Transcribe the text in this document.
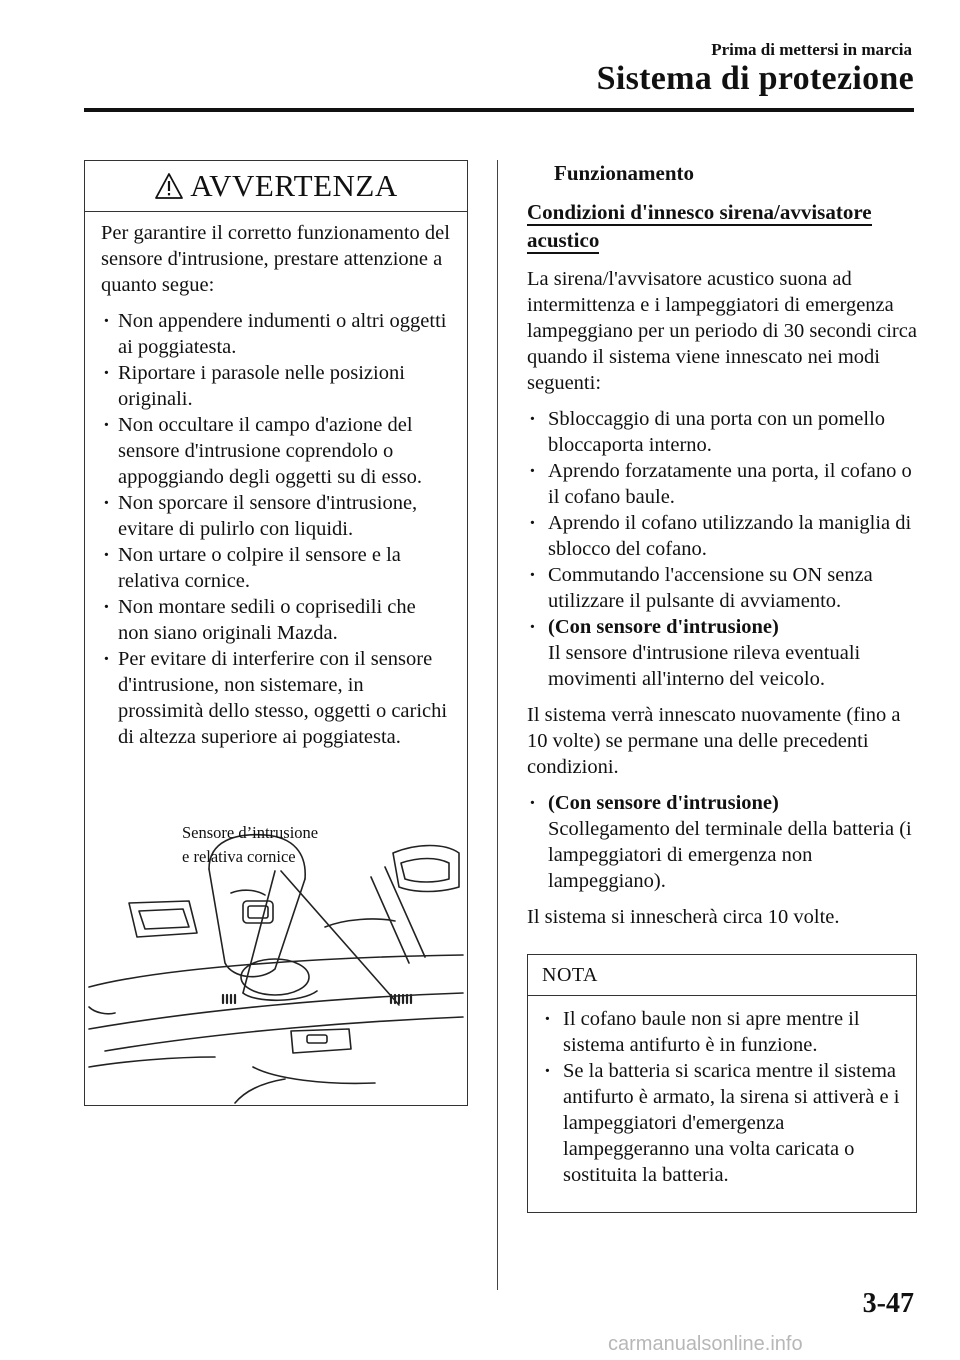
Prima di mettersi in marcia
Sistema di protezione
AVVERTENZA

Per garantire il corretto funzionamento del sensore d'intrusione, prestare attenzione a quanto segue:

· Non appendere indumenti o altri oggetti ai poggiatesta.
· Riportare i parasole nelle posizioni originali.
· Non occultare il campo d'azione del sensore d'intrusione coprendolo o appoggiando degli oggetti su di esso.
· Non sporcare il sensore d'intrusione, evitare di pulirlo con liquidi.
· Non urtare o colpire il sensore e la relativa cornice.
· Non montare sedili o coprisedili che non siano originali Mazda.
· Per evitare di interferire con il sensore d'intrusione, non sistemare, in prossimità dello stesso, oggetti o carichi di altezza superiore ai poggiatesta.
Sensore d’intrusione
e relativa cornice
Funzionamento
Condizioni d'innesco sirena/avvisatore
acustico

La sirena/l'avvisatore acustico suona ad intermittenza e i lampeggiatori di emergenza lampeggiano per un periodo di 30 secondi circa quando il sistema viene innescato nei modi seguenti:

· Sbloccaggio di una porta con un pomello bloccaporta interno.
· Aprendo forzatamente una porta, il cofano o il cofano baule.
· Aprendo il cofano utilizzando la maniglia di sblocco del cofano.
· Commutando l'accensione su ON senza utilizzare il pulsante di avviamento.
· (Con sensore d'intrusione)
Il sensore d'intrusione rileva eventuali movimenti all'interno del veicolo.

Il sistema verrà innescato nuovamente (fino a 10 volte) se permane una delle precedenti condizioni.

· (Con sensore d'intrusione)
Scollegamento del terminale della batteria (i lampeggiatori di emergenza non lampeggiano).

Il sistema si innescherà circa 10 volte.

NOTA
· Il cofano baule non si apre mentre il sistema antifurto è in funzione.
· Se la batteria si scarica mentre il sistema antifurto è armato, la sirena si attiverà e i lampeggiatori d'emergenza lampeggeranno una volta caricata o sostituita la batteria.
3-47
carmanualsonline.info
